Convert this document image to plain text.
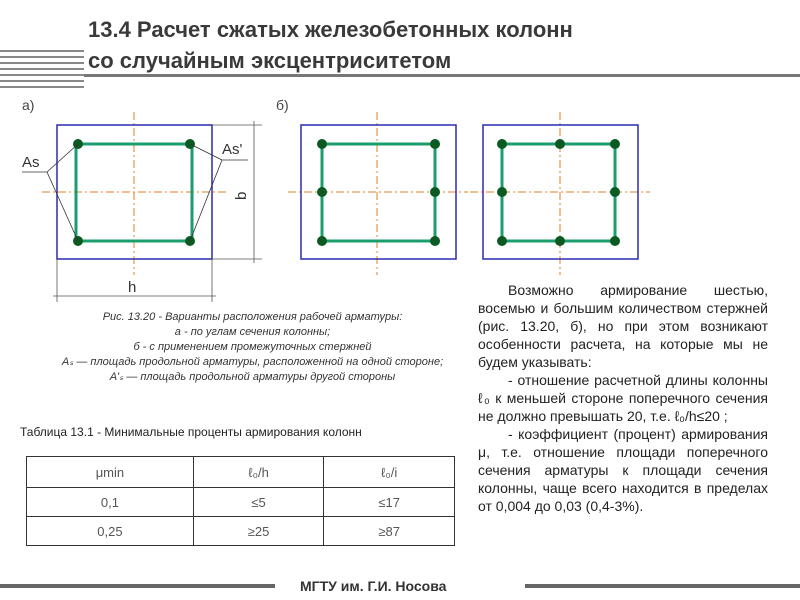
13.4 Расчет сжатых железобетонных колонн
со случайным эксцентриситетом
а)	б)
As
As'
b
h
Рис. 13.20 - Варианты расположения рабочей арматуры:
а - по углам сечения колонны;
б - с применением промежуточных стержней
Aₛ — площадь продольной арматуры, расположенной на одной стороне;
A'ₛ — площадь продольной арматуры другой стороны
Таблица 13.1 - Минимальные проценты армирования колонн
μmin	ℓ₀/h	ℓ₀/i
0,1	≤5	≤17
0,25	≥25	≥87

Возможно армирование шестью, восемью и большим количеством стержней (рис. 13.20, б), но при этом возникают особенности расчета, на которые мы не будем указывать:

- отношение расчетной длины колонны ℓ₀ к меньшей стороне поперечного сечения не должно превышать 20, т.е. ℓ₀/h≤20 ;

- коэффициент (процент) армирования μ, т.е. отношение площади поперечного сечения арматуры к площади сечения колонны, чаще всего находится в пределах от 0,004 до 0,03 (0,4-3%).

МГТУ им. Г.И. Носова
